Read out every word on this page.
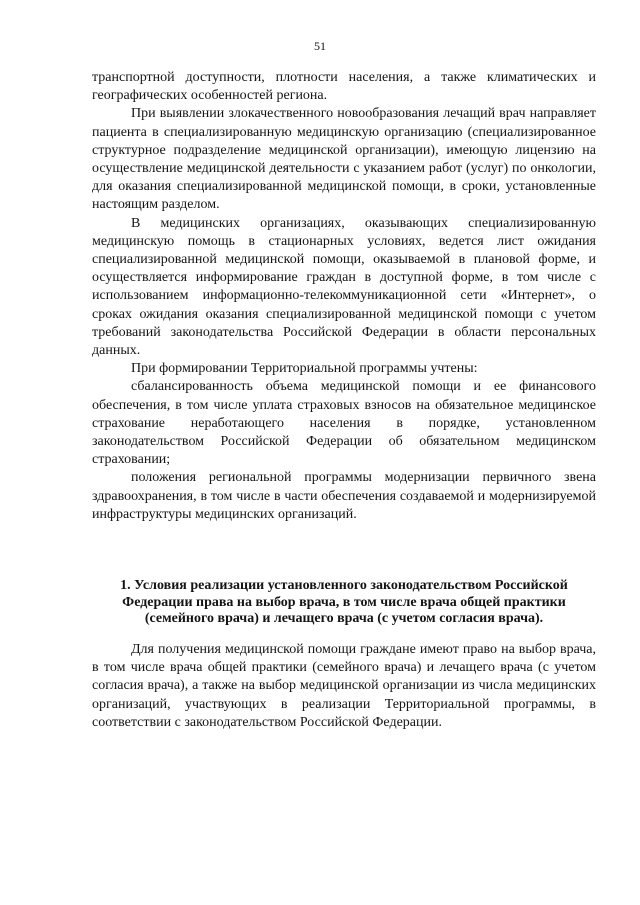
51

транспортной доступности, плотности населения, а также климатических и географических особенностей региона.

При выявлении злокачественного новообразования лечащий врач направляет пациента в специализированную медицинскую организацию (специализированное структурное подразделение медицинской организации), имеющую лицензию на осуществление медицинской деятельности с указанием работ (услуг) по онкологии, для оказания специализированной медицинской помощи, в сроки, установленные настоящим разделом.

В медицинских организациях, оказывающих специализированную медицинскую помощь в стационарных условиях, ведется лист ожидания специализированной медицинской помощи, оказываемой в плановой форме, и осуществляется информирование граждан в доступной форме, в том числе с использованием информационно-телекоммуникационной сети «Интернет», о сроках ожидания оказания специализированной медицинской помощи с учетом требований законодательства Российской Федерации в области персональных данных.

При формировании Территориальной программы учтены:

сбалансированность объема медицинской помощи и ее финансового обеспечения, в том числе уплата страховых взносов на обязательное медицинское страхование неработающего населения в порядке, установленном законодательством Российской Федерации об обязательном медицинском страховании;

положения региональной программы модернизации первичного звена здравоохранения, в том числе в части обеспечения создаваемой и модернизируемой инфраструктуры медицинских организаций.

1. Условия реализации установленного законодательством Российской Федерации права на выбор врача, в том числе врача общей практики (семейного врача) и лечащего врача (с учетом согласия врача).

Для получения медицинской помощи граждане имеют право на выбор врача, в том числе врача общей практики (семейного врача) и лечащего врача (с учетом согласия врача), а также на выбор медицинской организации из числа медицинских организаций, участвующих в реализации Территориальной программы, в соответствии с законодательством Российской Федерации.
